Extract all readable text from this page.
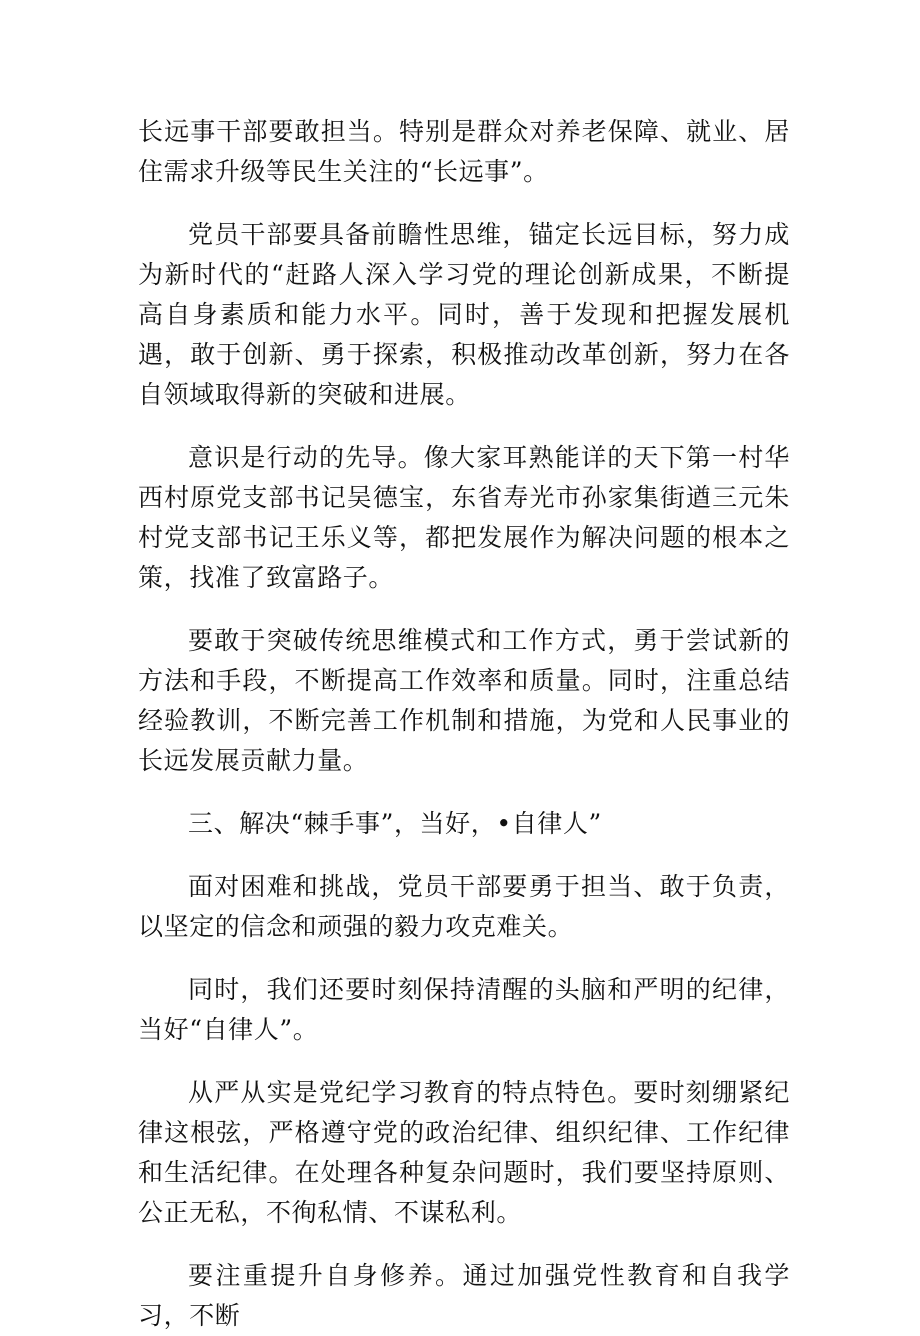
长远事干部要敢担当。特别是群众对养老保障、就业、居住需求升级等民生关注的“长远事”。

党员干部要具备前瞻性思维，锚定长远目标，努力成为新时代的“赶路人深入学习党的理论创新成果，不断提高自身素质和能力水平。同时，善于发现和把握发展机遇，敢于创新、勇于探索，积极推动改革创新，努力在各自领域取得新的突破和进展。

意识是行动的先导。像大家耳熟能详的天下第一村华西村原党支部书记吴德宝，东省寿光市孙家集街遒三元朱村党支部书记王乐义等，都把发展作为解决问题的根本之策，找准了致富路子。

要敢于突破传统思维模式和工作方式，勇于尝试新的方法和手段，不断提高工作效率和质量。同时，注重总结经验教训，不断完善工作机制和措施，为党和人民事业的长远发展贡献力量。

三、解决“棘手事”，当好，•自律人”

面对困难和挑战，党员干部要勇于担当、敢于负责，以坚定的信念和顽强的毅力攻克难关。

同时，我们还要时刻保持清醒的头脑和严明的纪律，当好“自律人”。

从严从实是党纪学习教育的特点特色。要时刻绷紧纪律这根弦，严格遵守党的政治纪律、组织纪律、工作纪律和生活纪律。在处理各种复杂问题时，我们要坚持原则、公正无私，不徇私情、不谋私利。

要注重提升自身修养。通过加强党性教育和自我学习，不断
